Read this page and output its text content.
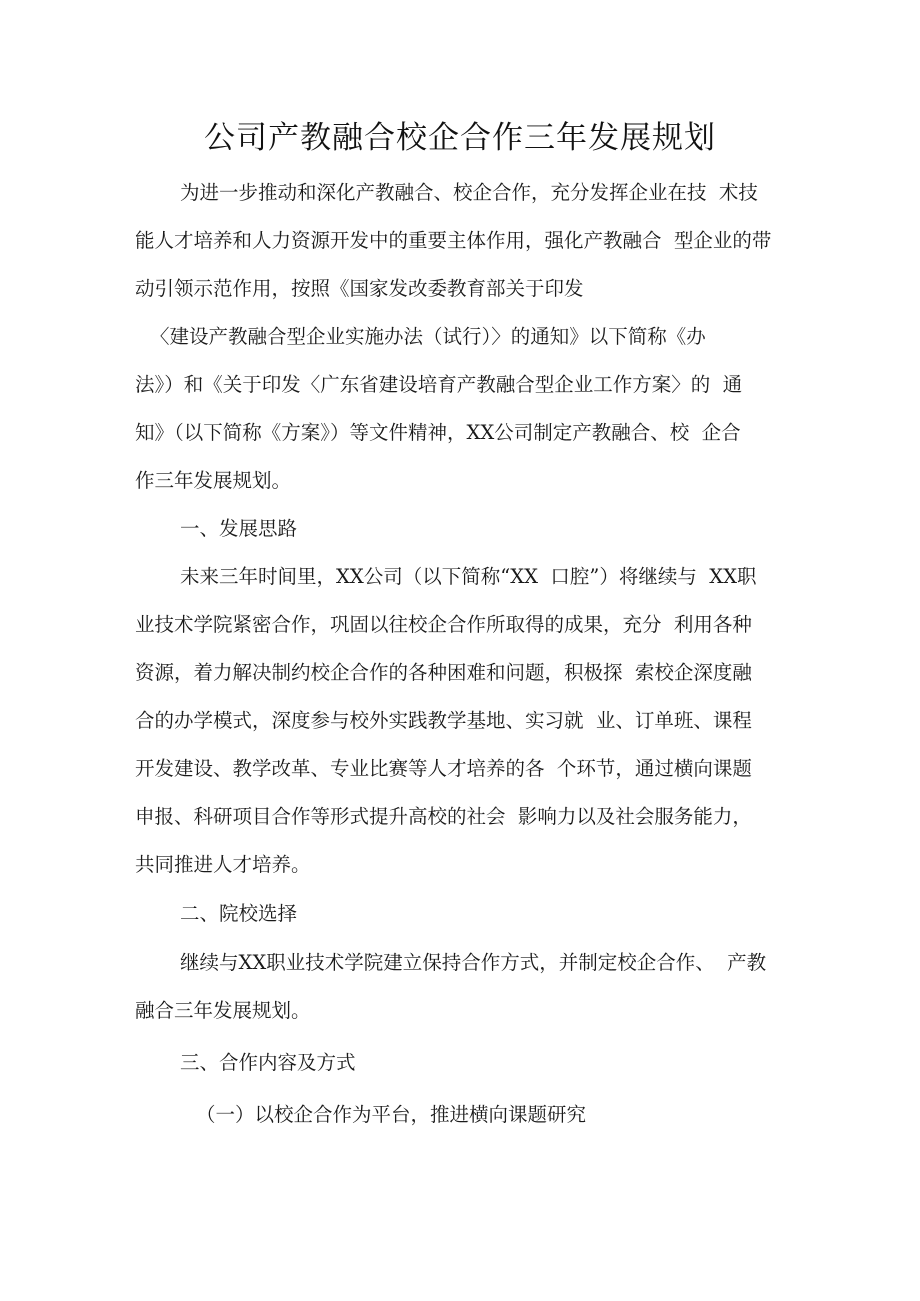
公司产教融合校企合作三年发展规划
为进一步推动和深化产教融合、校企合作，充分发挥企业在技  术技
能人才培养和人力资源开发中的重要主体作用，强化产教融合  型企业的带
动引领示范作用，按照《国家发改委教育部关于印发
〈建设产教融合型企业实施办法（试行）〉的通知》以下简称《办
法》）和《关于印发〈广东省建设培育产教融合型企业工作方案〉的  通
知》（以下简称《方案》）等文件精神，XX公司制定产教融合、校  企合
作三年发展规划。
一、发展思路
未来三年时间里，XX公司（以下简称“XX  口腔”）将继续与  XX职
业技术学院紧密合作，巩固以往校企合作所取得的成果，充分  利用各种
资源，着力解决制约校企合作的各种困难和问题，积极探  索校企深度融
合的办学模式，深度参与校外实践教学基地、实习就  业、订单班、课程
开发建设、教学改革、专业比赛等人才培养的各  个环节，通过横向课题
申报、科研项目合作等形式提升高校的社会  影响力以及社会服务能力，
共同推进人才培养。
二、院校选择
继续与XX职业技术学院建立保持合作方式，并制定校企合作、  产教
融合三年发展规划。
三、合作内容及方式
（一）以校企合作为平台，推进横向课题研究
